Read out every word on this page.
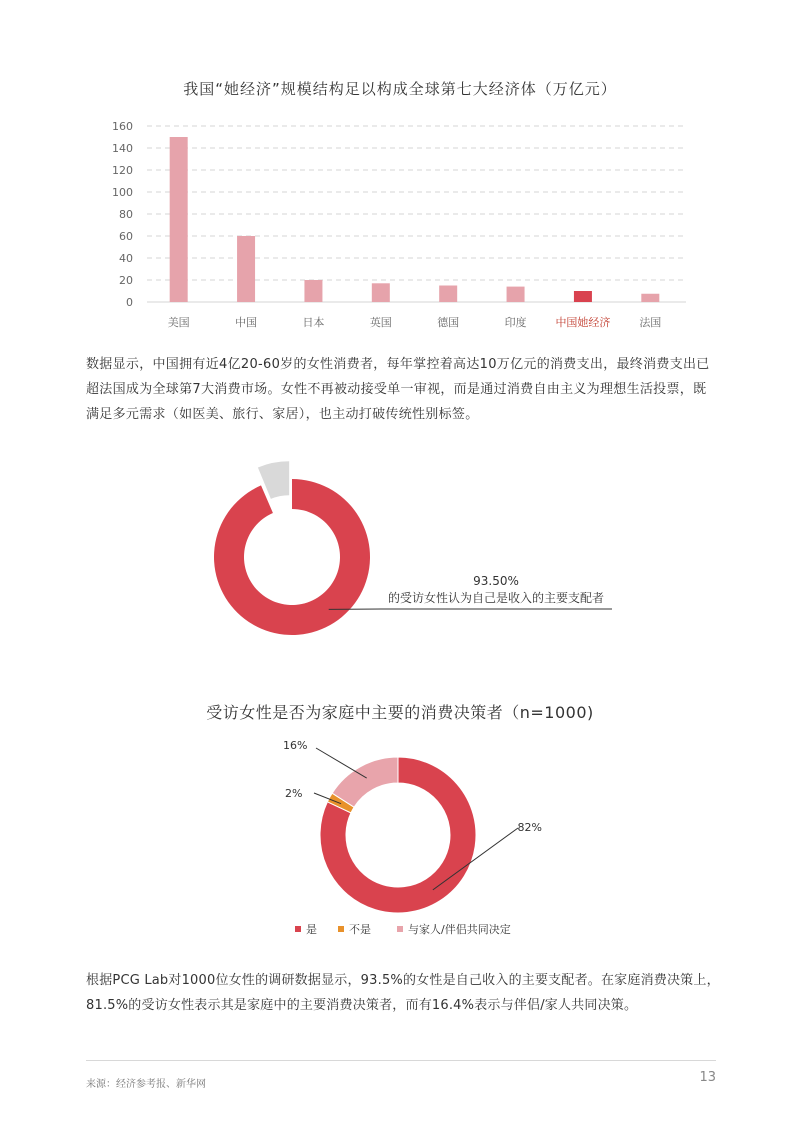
我国“她经济”规模结构足以构成全球第七大经济体（万亿元）
0
20
40
60
80
100
120
140
160
美国	中国	日本	英国	德国	印度	中国她经济	法国
数据显示，中国拥有近4亿20-60岁的女性消费者，每年掌控着高达10万亿元的消费支出，最终消费支出已超法国成为全球第7大消费市场。女性不再被动接受单一审视，而是通过消费自由主义为理想生活投票，既满足多元需求（如医美、旅行、家居），也主动打破传统性别标签。
93.50%
的受访女性认为自己是收入的主要支配者
受访女性是否为家庭中主要的消费决策者（n=1000)
82%
2%
16%
是	不是	与家人/伴侣共同决定
根据PCG Lab对1000位女性的调研数据显示，93.5%的女性是自己收入的主要支配者。在家庭消费决策上，81.5%的受访女性表示其是家庭中的主要消费决策者，而有16.4%表示与伴侣/家人共同决策。
来源：经济参考报、新华网	13
